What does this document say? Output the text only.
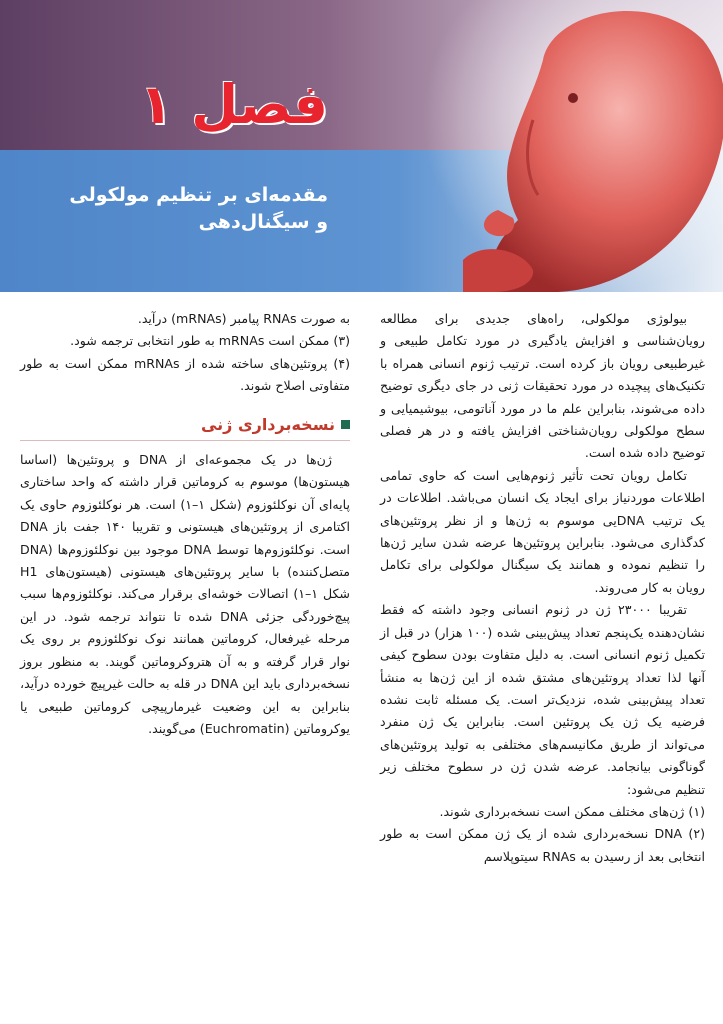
فصل ۱
مقدمه‌ای بر تنظیم مولکولی و سیگنال‌دهی

بیولوژی مولکولی، راه‌های جدیدی برای مطالعه رویان‌شناسی و افزایش یادگیری در مورد تکامل طبیعی و غیرطبیعی رویان باز کرده است. ترتیب ژنوم انسانی همراه با تکنیک‌های پیچیده در مورد تحقیقات ژنی در جای دیگری توضیح داده می‌شوند، بنابراین علم ما در مورد آناتومی، بیوشیمیایی و سطح مولکولی رویان‌شناختی افزایش یافته و در هر فصلی توضیح داده شده است.

تکامل رویان تحت تأثیر ژنوم‌هایی است که حاوی تمامی اطلاعات موردنیاز برای ایجاد یک انسان می‌باشد. اطلاعات در یک ترتیب DNAیی موسوم به ژن‌ها و از نظر پروتئین‌های کدگذاری می‌شود. بنابراین پروتئین‌ها عرضه شدن سایر ژن‌ها را تنظیم نموده و همانند یک سیگنال مولکولی برای تکامل رویان به کار می‌روند.

تقریبا ۲۳۰۰۰ ژن در ژنوم انسانی وجود داشته که فقط نشان‌دهنده یک‌پنجم تعداد پیش‌بینی شده (۱۰۰ هزار) در قبل از تکمیل ژنوم انسانی است. به دلیل متفاوت بودن سطوح کیفی آنها لذا تعداد پروتئین‌های مشتق شده از این ژن‌ها به منشأ تعداد پیش‌بینی شده، نزدیک‌تر است. یک مسئله ثابت نشده فرضیه یک ژن یک پروتئین است. بنابراین یک ژن منفرد می‌تواند از طریق مکانیسم‌های مختلفی به تولید پروتئین‌های گوناگونی بیانجامد. عرضه شدن ژن در سطوح مختلف زیر تنظیم می‌شود:

(۱) ژن‌های مختلف ممکن است نسخه‌برداری شوند.

(۲) DNA نسخه‌برداری شده از یک ژن ممکن است به طور انتخابی بعد از رسیدن به RNAs سیتوپلاسم

به صورت RNAs پیامبر (mRNAs) درآید.

(۳) ممکن است mRNAs به طور انتخابی ترجمه شود.

(۴) پروتئین‌های ساخته شده از mRNAs ممکن است به طور متفاوتی اصلاح شوند.

نسخه‌برداری ژنی

ژن‌ها در یک مجموعه‌ای از DNA و پروتئین‌ها (اساسا هیستون‌ها) موسوم به کروماتین قرار داشته که واحد ساختاری پایه‌ای آن نوکلئوزوم (شکل ۱–۱) است. هر نوکلئوزوم حاوی یک اکتامری از پروتئین‌های هیستونی و تقریبا ۱۴۰ جفت باز DNA است. نوکلئوزوم‌ها توسط DNA موجود بین نوکلئوزوم‌ها (DNA متصل‌کننده) با سایر پروتئین‌های هیستونی (هیستون‌های H1 شکل ۱–۱) اتصالات خوشه‌ای برقرار می‌کند. نوکلئوزوم‌ها سبب پیچ‌خوردگی جزئی DNA شده تا نتواند ترجمه شود. در این مرحله غیرفعال، کروماتین همانند نوک نوکلئوزوم بر روی یک نوار قرار گرفته و به آن هتروکروماتین گویند. به منظور بروز نسخه‌برداری باید این DNA در قله به حالت غیرپیچ خورده درآید، بنابراین به این وضعیت غیرمارپیچی کروماتین طبیعی یا یوکروماتین (Euchromatin) می‌گویند.
